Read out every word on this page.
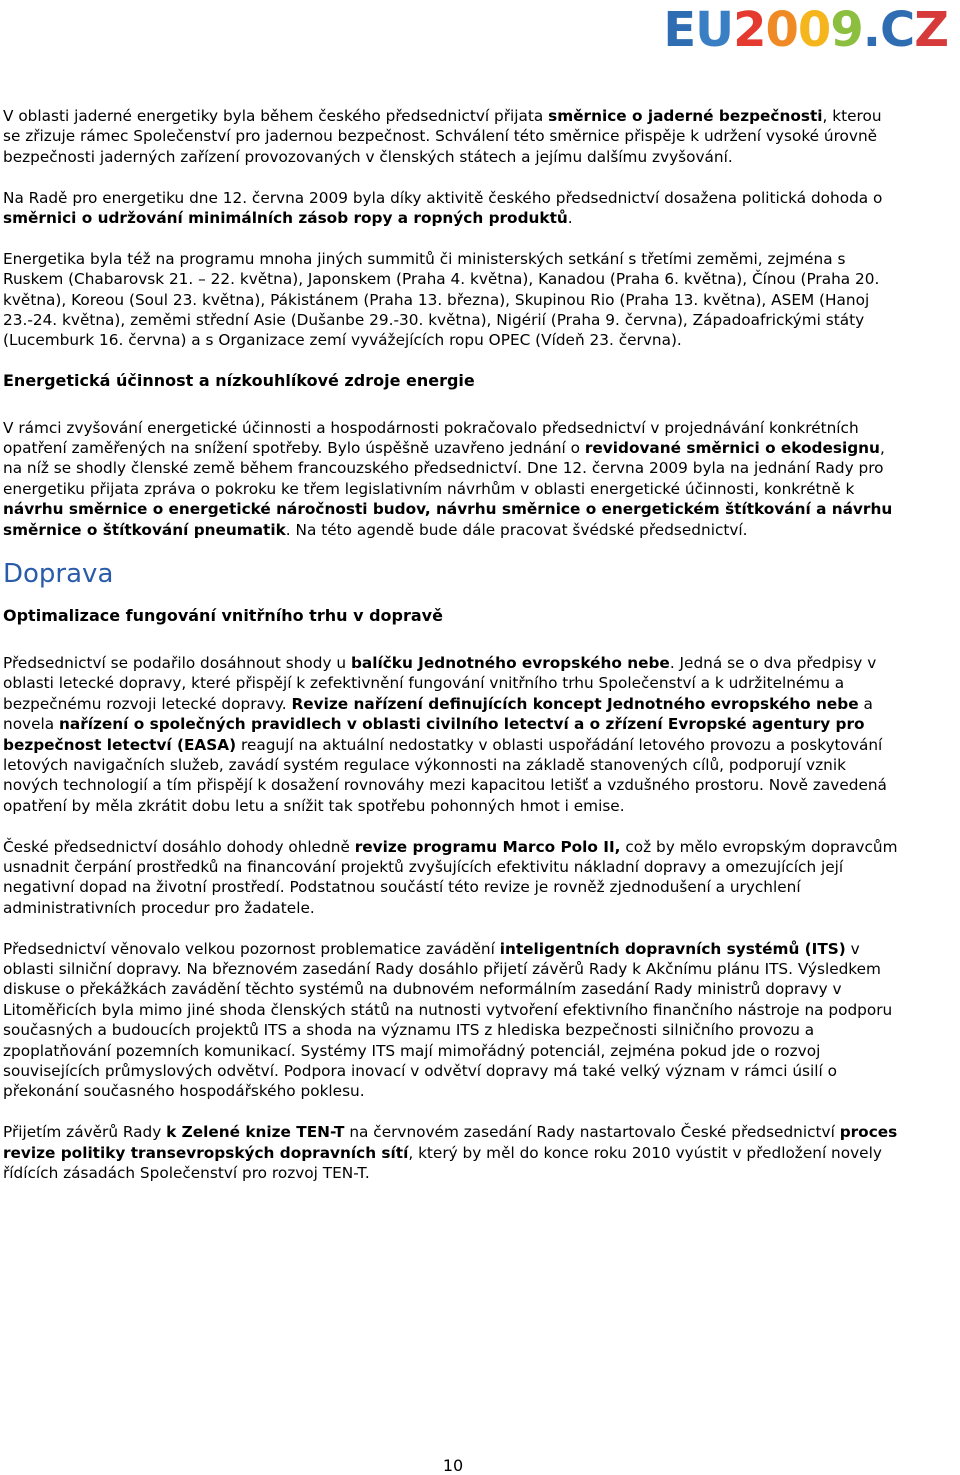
E U 2 0 0 9 . C Z

V oblasti jaderné energetiky byla během českého předsednictví přijata směrnice o jaderné bezpečnosti, kterou se zřizuje rámec Společenství pro jadernou bezpečnost. Schválení této směrnice přispěje k udržení vysoké úrovně bezpečnosti jaderných zařízení provozovaných v členských státech a jejímu dalšímu zvyšování.

Na Radě pro energetiku dne 12. června 2009 byla díky aktivitě českého předsednictví dosažena politická dohoda o směrnici o udržování minimálních zásob ropy a ropných produktů.

Energetika byla též na programu mnoha jiných summitů či ministerských setkání s třetími zeměmi, zejména s Ruskem (Chabarovsk 21. – 22. května), Japonskem (Praha 4. května), Kanadou (Praha 6. května), Čínou (Praha 20. května), Koreou (Soul 23. května), Pákistánem (Praha 13. března), Skupinou Rio (Praha 13. května), ASEM (Hanoj 23.-24. května), zeměmi střední Asie (Dušanbe 29.-30. května), Nigérií (Praha 9. června), Západoafrickými státy (Lucemburk 16. června) a s Organizace zemí vyvážejících ropu OPEC (Vídeň 23. června).

Energetická účinnost a nízkouhlíkové zdroje energie

V rámci zvyšování energetické účinnosti a hospodárnosti pokračovalo předsednictví v projednávání konkrétních opatření zaměřených na snížení spotřeby. Bylo úspěšně uzavřeno jednání o revidované směrnici o ekodesignu, na níž se shodly členské země během francouzského předsednictví. Dne 12. června 2009 byla na jednání Rady pro energetiku přijata zpráva o pokroku ke třem legislativním návrhům v oblasti energetické účinnosti, konkrétně k návrhu směrnice o energetické náročnosti budov, návrhu směrnice o energetickém štítkování a návrhu směrnice o štítkování pneumatik. Na této agendě bude dále pracovat švédské předsednictví.

Doprava

Optimalizace fungování vnitřního trhu v dopravě

Předsednictví se podařilo dosáhnout shody u balíčku Jednotného evropského nebe. Jedná se o dva předpisy v oblasti letecké dopravy, které přispějí k zefektivnění fungování vnitřního trhu Společenství a k udržitelnému a bezpečnému rozvoji letecké dopravy. Revize nařízení definujících koncept Jednotného evropského nebe a novela nařízení o společných pravidlech v oblasti civilního letectví a o zřízení Evropské agentury pro bezpečnost letectví (EASA) reagují na aktuální nedostatky v oblasti uspořádání letového provozu a poskytování letových navigačních služeb, zavádí systém regulace výkonnosti na základě stanovených cílů, podporují vznik nových technologií a tím přispějí k dosažení rovnováhy mezi kapacitou letišť a vzdušného prostoru. Nově zavedená opatření by měla zkrátit dobu letu a snížit tak spotřebu pohonných hmot i emise.

České předsednictví dosáhlo dohody ohledně revize programu Marco Polo II, což by mělo evropským dopravcům usnadnit čerpání prostředků na financování projektů zvyšujících efektivitu nákladní dopravy a omezujících její negativní dopad na životní prostředí. Podstatnou součástí této revize je rovněž zjednodušení a urychlení administrativních procedur pro žadatele.

Předsednictví věnovalo velkou pozornost problematice zavádění inteligentních dopravních systémů (ITS) v oblasti silniční dopravy. Na březnovém zasedání Rady dosáhlo přijetí závěrů Rady k Akčnímu plánu ITS. Výsledkem diskuse o překážkách zavádění těchto systémů na dubnovém neformálním zasedání Rady ministrů dopravy v Litoměřicích byla mimo jiné shoda členských států na nutnosti vytvoření efektivního finančního nástroje na podporu současných a budoucích projektů ITS a shoda na významu ITS z hlediska bezpečnosti silničního provozu a zpoplatňování pozemních komunikací. Systémy ITS mají mimořádný potenciál, zejména pokud jde o rozvoj souvisejících průmyslových odvětví. Podpora inovací v odvětví dopravy má také velký význam v rámci úsilí o překonání současného hospodářského poklesu.

Přijetím závěrů Rady k Zelené knize TEN-T na červnovém zasedání Rady nastartovalo České předsednictví proces revize politiky transevropských dopravních sítí, který by měl do konce roku 2010 vyústit v předložení novely řídících zásadách Společenství pro rozvoj TEN-T.

10
